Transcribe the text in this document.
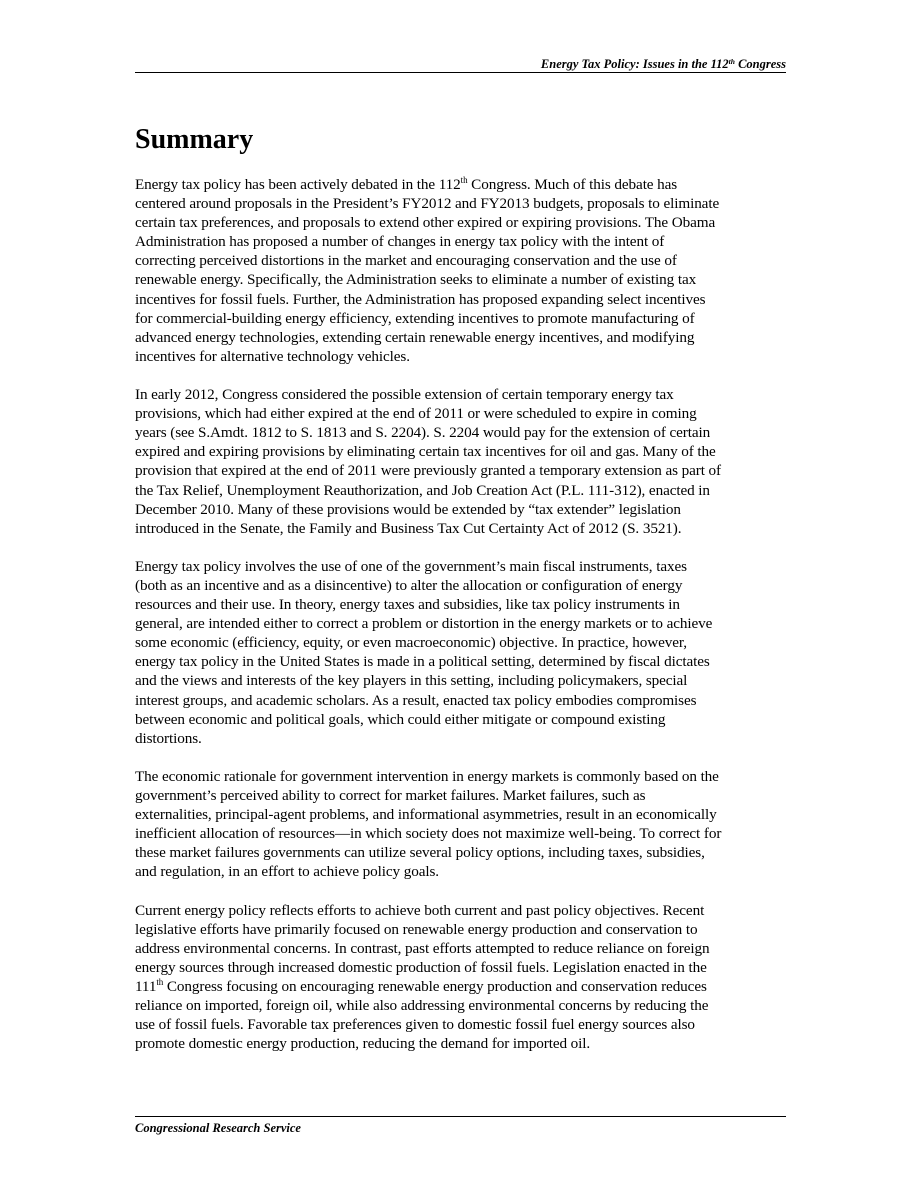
Energy Tax Policy: Issues in the 112th Congress
Summary

Energy tax policy has been actively debated in the 112th Congress. Much of this debate has
centered around proposals in the President’s FY2012 and FY2013 budgets, proposals to eliminate
certain tax preferences, and proposals to extend other expired or expiring provisions. The Obama
Administration has proposed a number of changes in energy tax policy with the intent of
correcting perceived distortions in the market and encouraging conservation and the use of
renewable energy. Specifically, the Administration seeks to eliminate a number of existing tax
incentives for fossil fuels. Further, the Administration has proposed expanding select incentives
for commercial-building energy efficiency, extending incentives to promote manufacturing of
advanced energy technologies, extending certain renewable energy incentives, and modifying
incentives for alternative technology vehicles.

In early 2012, Congress considered the possible extension of certain temporary energy tax
provisions, which had either expired at the end of 2011 or were scheduled to expire in coming
years (see S.Amdt. 1812 to S. 1813 and S. 2204). S. 2204 would pay for the extension of certain
expired and expiring provisions by eliminating certain tax incentives for oil and gas. Many of the
provision that expired at the end of 2011 were previously granted a temporary extension as part of
the Tax Relief, Unemployment Reauthorization, and Job Creation Act (P.L. 111-312), enacted in
December 2010. Many of these provisions would be extended by “tax extender” legislation
introduced in the Senate, the Family and Business Tax Cut Certainty Act of 2012 (S. 3521).

Energy tax policy involves the use of one of the government’s main fiscal instruments, taxes
(both as an incentive and as a disincentive) to alter the allocation or configuration of energy
resources and their use. In theory, energy taxes and subsidies, like tax policy instruments in
general, are intended either to correct a problem or distortion in the energy markets or to achieve
some economic (efficiency, equity, or even macroeconomic) objective. In practice, however,
energy tax policy in the United States is made in a political setting, determined by fiscal dictates
and the views and interests of the key players in this setting, including policymakers, special
interest groups, and academic scholars. As a result, enacted tax policy embodies compromises
between economic and political goals, which could either mitigate or compound existing
distortions.

The economic rationale for government intervention in energy markets is commonly based on the
government’s perceived ability to correct for market failures. Market failures, such as
externalities, principal-agent problems, and informational asymmetries, result in an economically
inefficient allocation of resources—in which society does not maximize well-being. To correct for
these market failures governments can utilize several policy options, including taxes, subsidies,
and regulation, in an effort to achieve policy goals.

Current energy policy reflects efforts to achieve both current and past policy objectives. Recent
legislative efforts have primarily focused on renewable energy production and conservation to
address environmental concerns. In contrast, past efforts attempted to reduce reliance on foreign
energy sources through increased domestic production of fossil fuels. Legislation enacted in the
111th Congress focusing on encouraging renewable energy production and conservation reduces
reliance on imported, foreign oil, while also addressing environmental concerns by reducing the
use of fossil fuels. Favorable tax preferences given to domestic fossil fuel energy sources also
promote domestic energy production, reducing the demand for imported oil.

Congressional Research Service
